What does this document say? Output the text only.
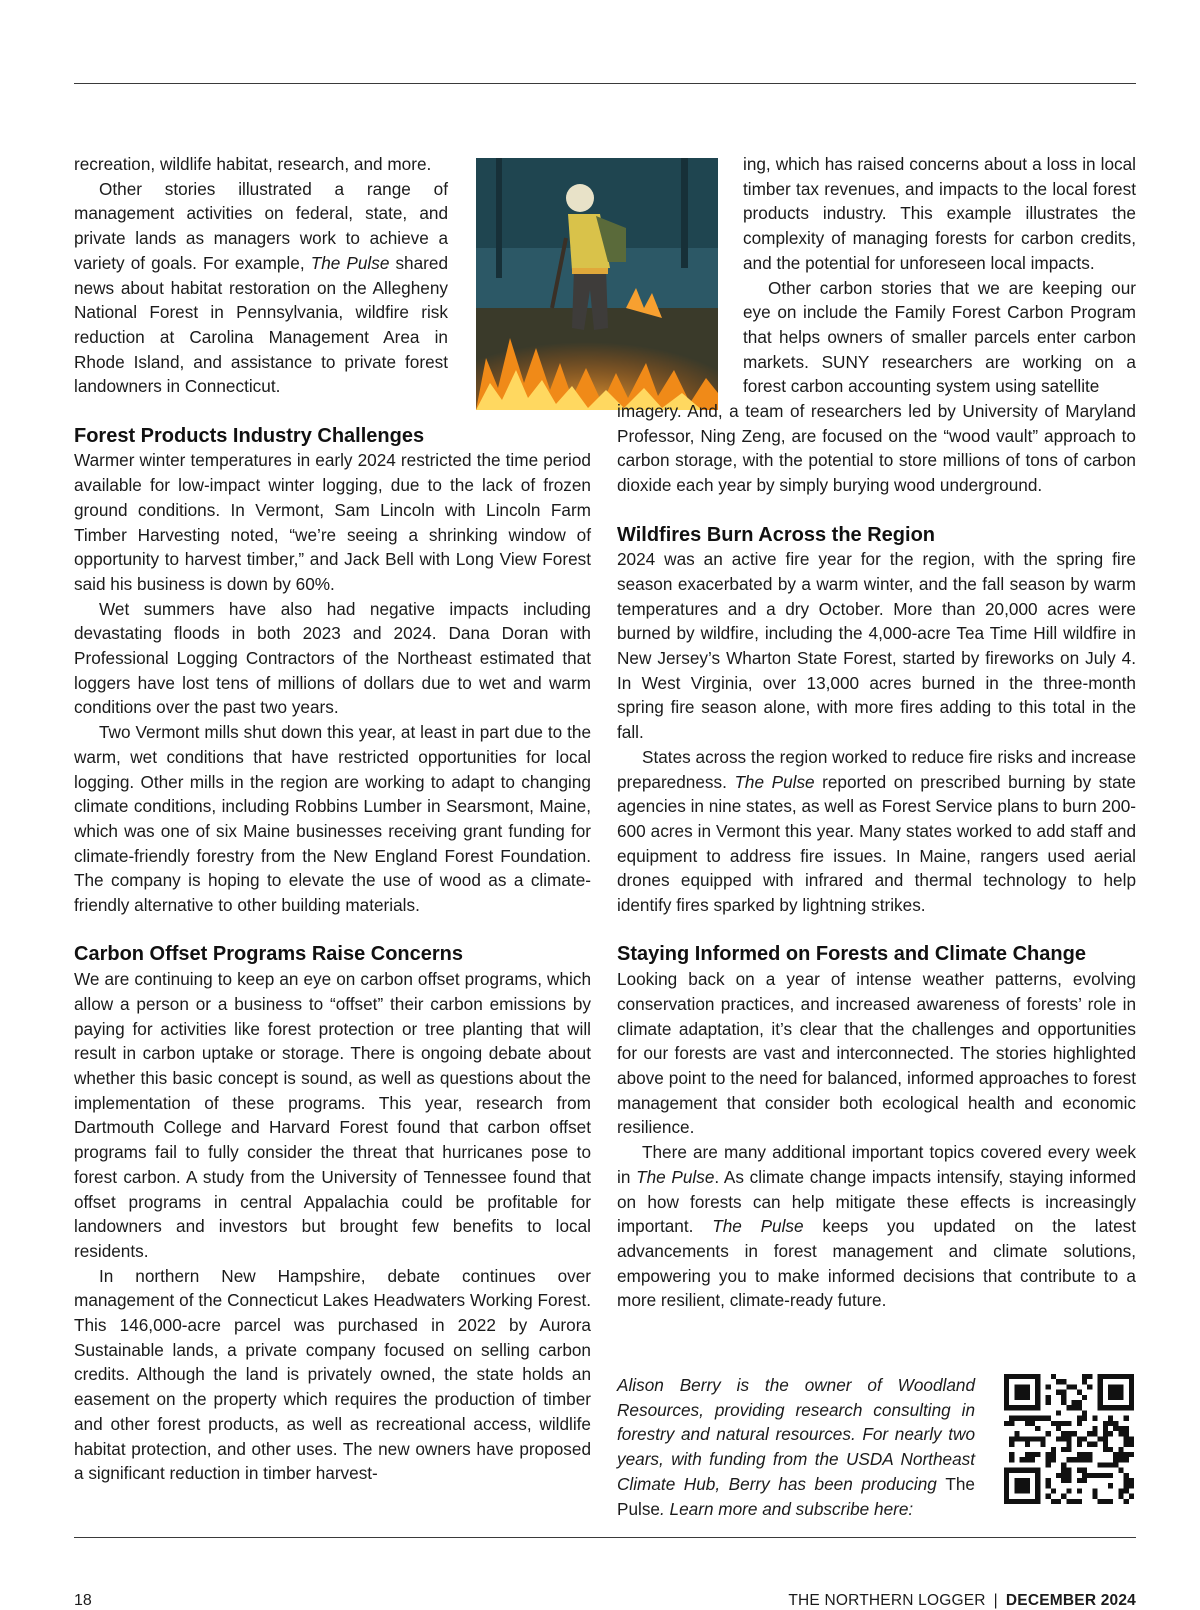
recreation, wildlife habitat, research, and more.

Other stories illustrated a range of management activities on federal, state, and private lands as managers work to achieve a variety of goals. For example, The Pulse shared news about habitat restoration on the Allegheny National Forest in Pennsylvania, wildfire risk reduction at Carolina Management Area in Rhode Island, and assistance to private forest landowners in Connecticut.

Forest Products Industry Challenges

Warmer winter temperatures in early 2024 restricted the time period available for low-impact winter logging, due to the lack of frozen ground conditions. In Vermont, Sam Lincoln with Lincoln Farm Timber Harvesting noted, “we’re seeing a shrinking window of opportunity to harvest timber,” and Jack Bell with Long View Forest said his business is down by 60%.

Wet summers have also had negative impacts including devastating floods in both 2023 and 2024. Dana Doran with Professional Logging Contractors of the Northeast estimated that loggers have lost tens of millions of dollars due to wet and warm conditions over the past two years.

Two Vermont mills shut down this year, at least in part due to the warm, wet conditions that have restricted opportunities for local logging. Other mills in the region are working to adapt to changing climate conditions, including Robbins Lumber in Searsmont, Maine, which was one of six Maine businesses receiving grant funding for climate-friendly forestry from the New England Forest Foundation. The company is hoping to elevate the use of wood as a climate-friendly alternative to other building materials.

Carbon Offset Programs Raise Concerns

We are continuing to keep an eye on carbon offset programs, which allow a person or a business to “offset” their carbon emissions by paying for activities like forest protection or tree planting that will result in carbon uptake or storage. There is ongoing debate about whether this basic concept is sound, as well as questions about the implementation of these programs. This year, research from Dartmouth College and Harvard Forest found that carbon offset programs fail to fully consider the threat that hurricanes pose to forest carbon. A study from the University of Tennessee found that offset programs in central Appalachia could be profitable for landowners and investors but brought few benefits to local residents.

In northern New Hampshire, debate continues over management of the Connecticut Lakes Headwaters Working Forest. This 146,000-acre parcel was purchased in 2022 by Aurora Sustainable lands, a private company focused on selling carbon credits. Although the land is privately owned, the state holds an easement on the property which requires the production of timber and other forest products, as well as recreational access, wildlife habitat protection, and other uses. The new owners have proposed a significant reduction in timber harvest-

ing, which has raised concerns about a loss in local timber tax revenues, and impacts to the local forest products industry. This example illustrates the complexity of managing forests for carbon credits, and the potential for unforeseen local impacts.

Other carbon stories that we are keeping our eye on include the Family Forest Carbon Program that helps owners of smaller parcels enter carbon markets. SUNY researchers are working on a forest carbon accounting system using satellite

imagery. And, a team of researchers led by University of Maryland Professor, Ning Zeng, are focused on the “wood vault” approach to carbon storage, with the potential to store millions of tons of carbon dioxide each year by simply burying wood underground.

Wildfires Burn Across the Region

2024 was an active fire year for the region, with the spring fire season exacerbated by a warm winter, and the fall season by warm temperatures and a dry October. More than 20,000 acres were burned by wildfire, including the 4,000-acre Tea Time Hill wildfire in New Jersey’s Wharton State Forest, started by fireworks on July 4. In West Virginia, over 13,000 acres burned in the three-month spring fire season alone, with more fires adding to this total in the fall.

States across the region worked to reduce fire risks and increase preparedness. The Pulse reported on prescribed burning by state agencies in nine states, as well as Forest Service plans to burn 200-600 acres in Vermont this year. Many states worked to add staff and equipment to address fire issues. In Maine, rangers used aerial drones equipped with infrared and thermal technology to help identify fires sparked by lightning strikes.

Staying Informed on Forests and Climate Change

Looking back on a year of intense weather patterns, evolving conservation practices, and increased awareness of forests’ role in climate adaptation, it’s clear that the challenges and opportunities for our forests are vast and interconnected. The stories highlighted above point to the need for balanced, informed approaches to forest management that consider both ecological health and economic resilience.

There are many additional important topics covered every week in The Pulse. As climate change impacts intensify, staying informed on how forests can help mitigate these effects is increasingly important. The Pulse keeps you updated on the latest advancements in forest management and climate solutions, empowering you to make informed decisions that contribute to a more resilient, climate-ready future.

Alison Berry is the owner of Woodland Resources, providing research consulting in forestry and natural resources. For nearly two years, with funding from the USDA Northeast Climate Hub, Berry has been producing The Pulse. Learn more and subscribe here:
18	THE NORTHERN LOGGER | DECEMBER 2024
